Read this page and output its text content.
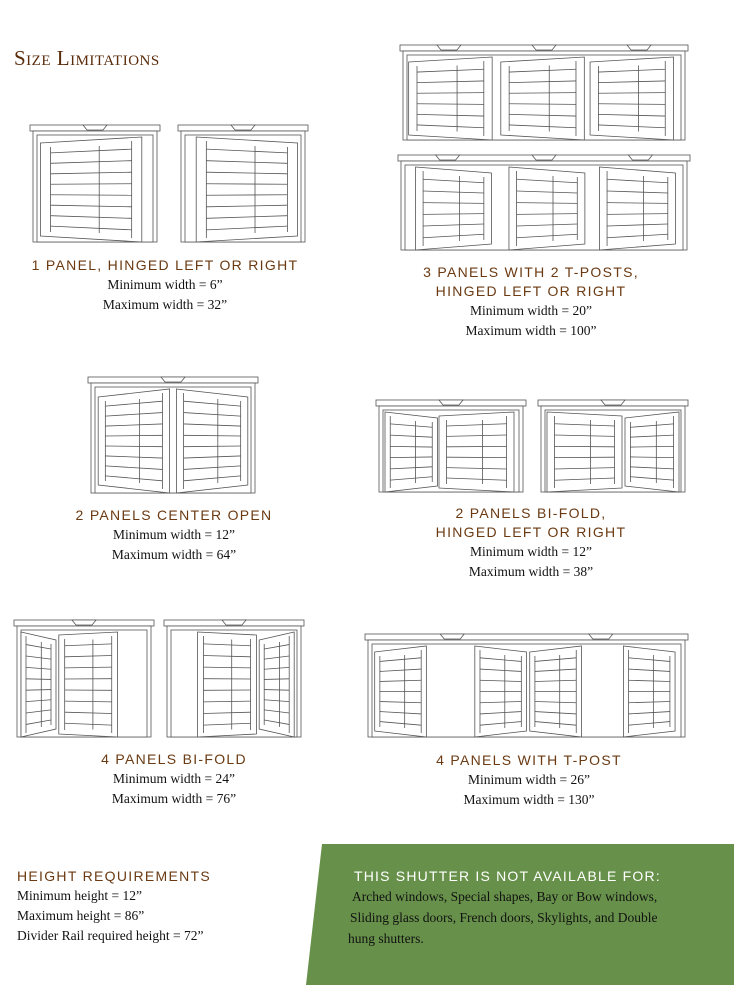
Size Limitations
1 PANEL, HINGED LEFT OR RIGHT
Minimum width = 6”
Maximum width = 32”
3 PANELS WITH 2 T-POSTS,
HINGED LEFT OR RIGHT
Minimum width = 20”
Maximum width = 100”
2 PANELS CENTER OPEN
Minimum width = 12”
Maximum width = 64”
2 PANELS BI-FOLD,
HINGED LEFT OR RIGHT
Minimum width = 12”
Maximum width = 38”
4 PANELS BI-FOLD
Minimum width = 24”
Maximum width = 76”
4 PANELS WITH T-POST
Minimum width = 26”
Maximum width = 130”
HEIGHT REQUIREMENTS
Minimum height = 12”
Maximum height = 86”
Divider Rail required height = 72”
THIS SHUTTER IS NOT AVAILABLE FOR:
Arched windows, Special shapes, Bay or Bow windows,
Sliding glass doors, French doors, Skylights, and Double
hung shutters.
